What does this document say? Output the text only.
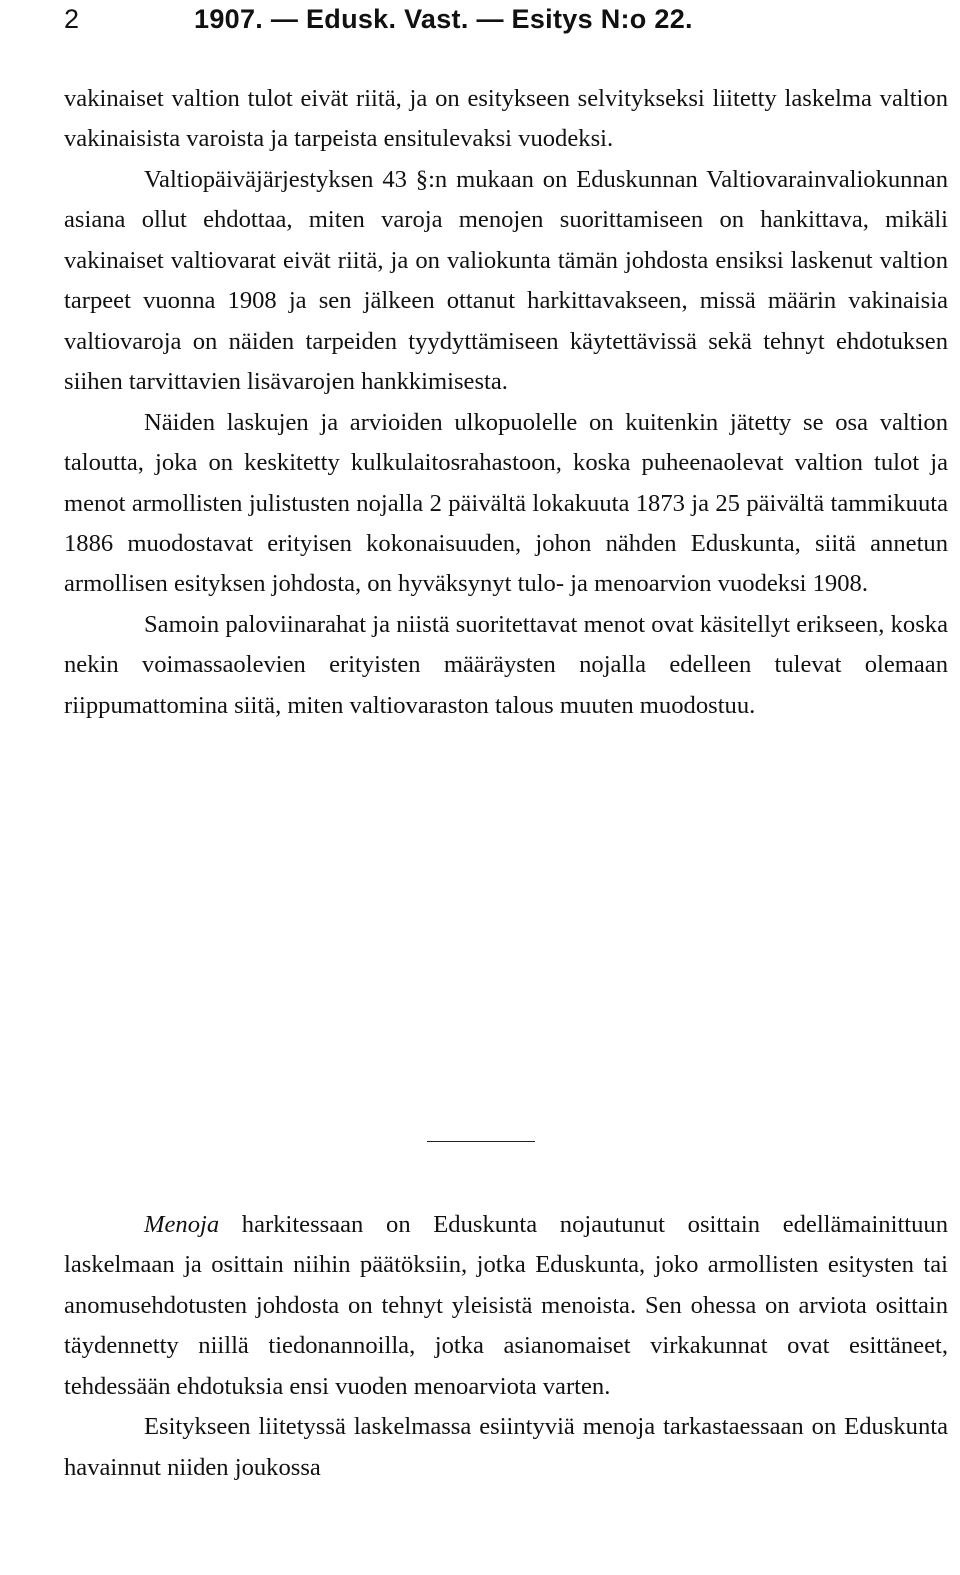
2	1907. — Edusk. Vast. — Esitys N:o 22.

vakinaiset valtion tulot eivät riitä, ja on esitykseen selvitykseksi liitetty laskelma valtion vakinaisista varoista ja tarpeista ensitulevaksi vuodeksi.

Valtiopäiväjärjestyksen 43 §:n mukaan on Eduskunnan Valtiovarainvaliokunnan asiana ollut ehdottaa, miten varoja menojen suorittamiseen on hankittava, mikäli vakinaiset valtiovarat eivät riitä, ja on valiokunta tämän johdosta ensiksi laskenut valtion tarpeet vuonna 1908 ja sen jälkeen ottanut harkittavakseen, missä määrin vakinaisia valtiovaroja on näiden tarpeiden tyydyttämiseen käytettävissä sekä tehnyt ehdotuksen siihen tarvittavien lisävarojen hankkimisesta.

Näiden laskujen ja arvioiden ulkopuolelle on kuitenkin jätetty se osa valtion taloutta, joka on keskitetty kulkulaitosrahastoon, koska puheenaolevat valtion tulot ja menot armollisten julistusten nojalla 2 päivältä lokakuuta 1873 ja 25 päivältä tammikuuta 1886 muodostavat erityisen kokonaisuuden, johon nähden Eduskunta, siitä annetun armollisen esityksen johdosta, on hyväksynyt tulo- ja menoarvion vuodeksi 1908.

Samoin paloviinarahat ja niistä suoritettavat menot ovat käsitellyt erikseen, koska nekin voimassaolevien erityisten määräysten nojalla edelleen tulevat olemaan riippumattomina siitä, miten valtiovaraston talous muuten muodostuu.

Menoja harkitessaan on Eduskunta nojautunut osittain edellämainittuun laskelmaan ja osittain niihin päätöksiin, jotka Eduskunta, joko armollisten esitysten tai anomusehdotusten johdosta on tehnyt yleisistä menoista. Sen ohessa on arviota osittain täydennetty niillä tiedonannoilla, jotka asianomaiset virkakunnat ovat esittäneet, tehdessään ehdotuksia ensi vuoden menoarviota varten.

Esitykseen liitetyssä laskelmassa esiintyviä menoja tarkastaessaan on Eduskunta havainnut niiden joukossa
